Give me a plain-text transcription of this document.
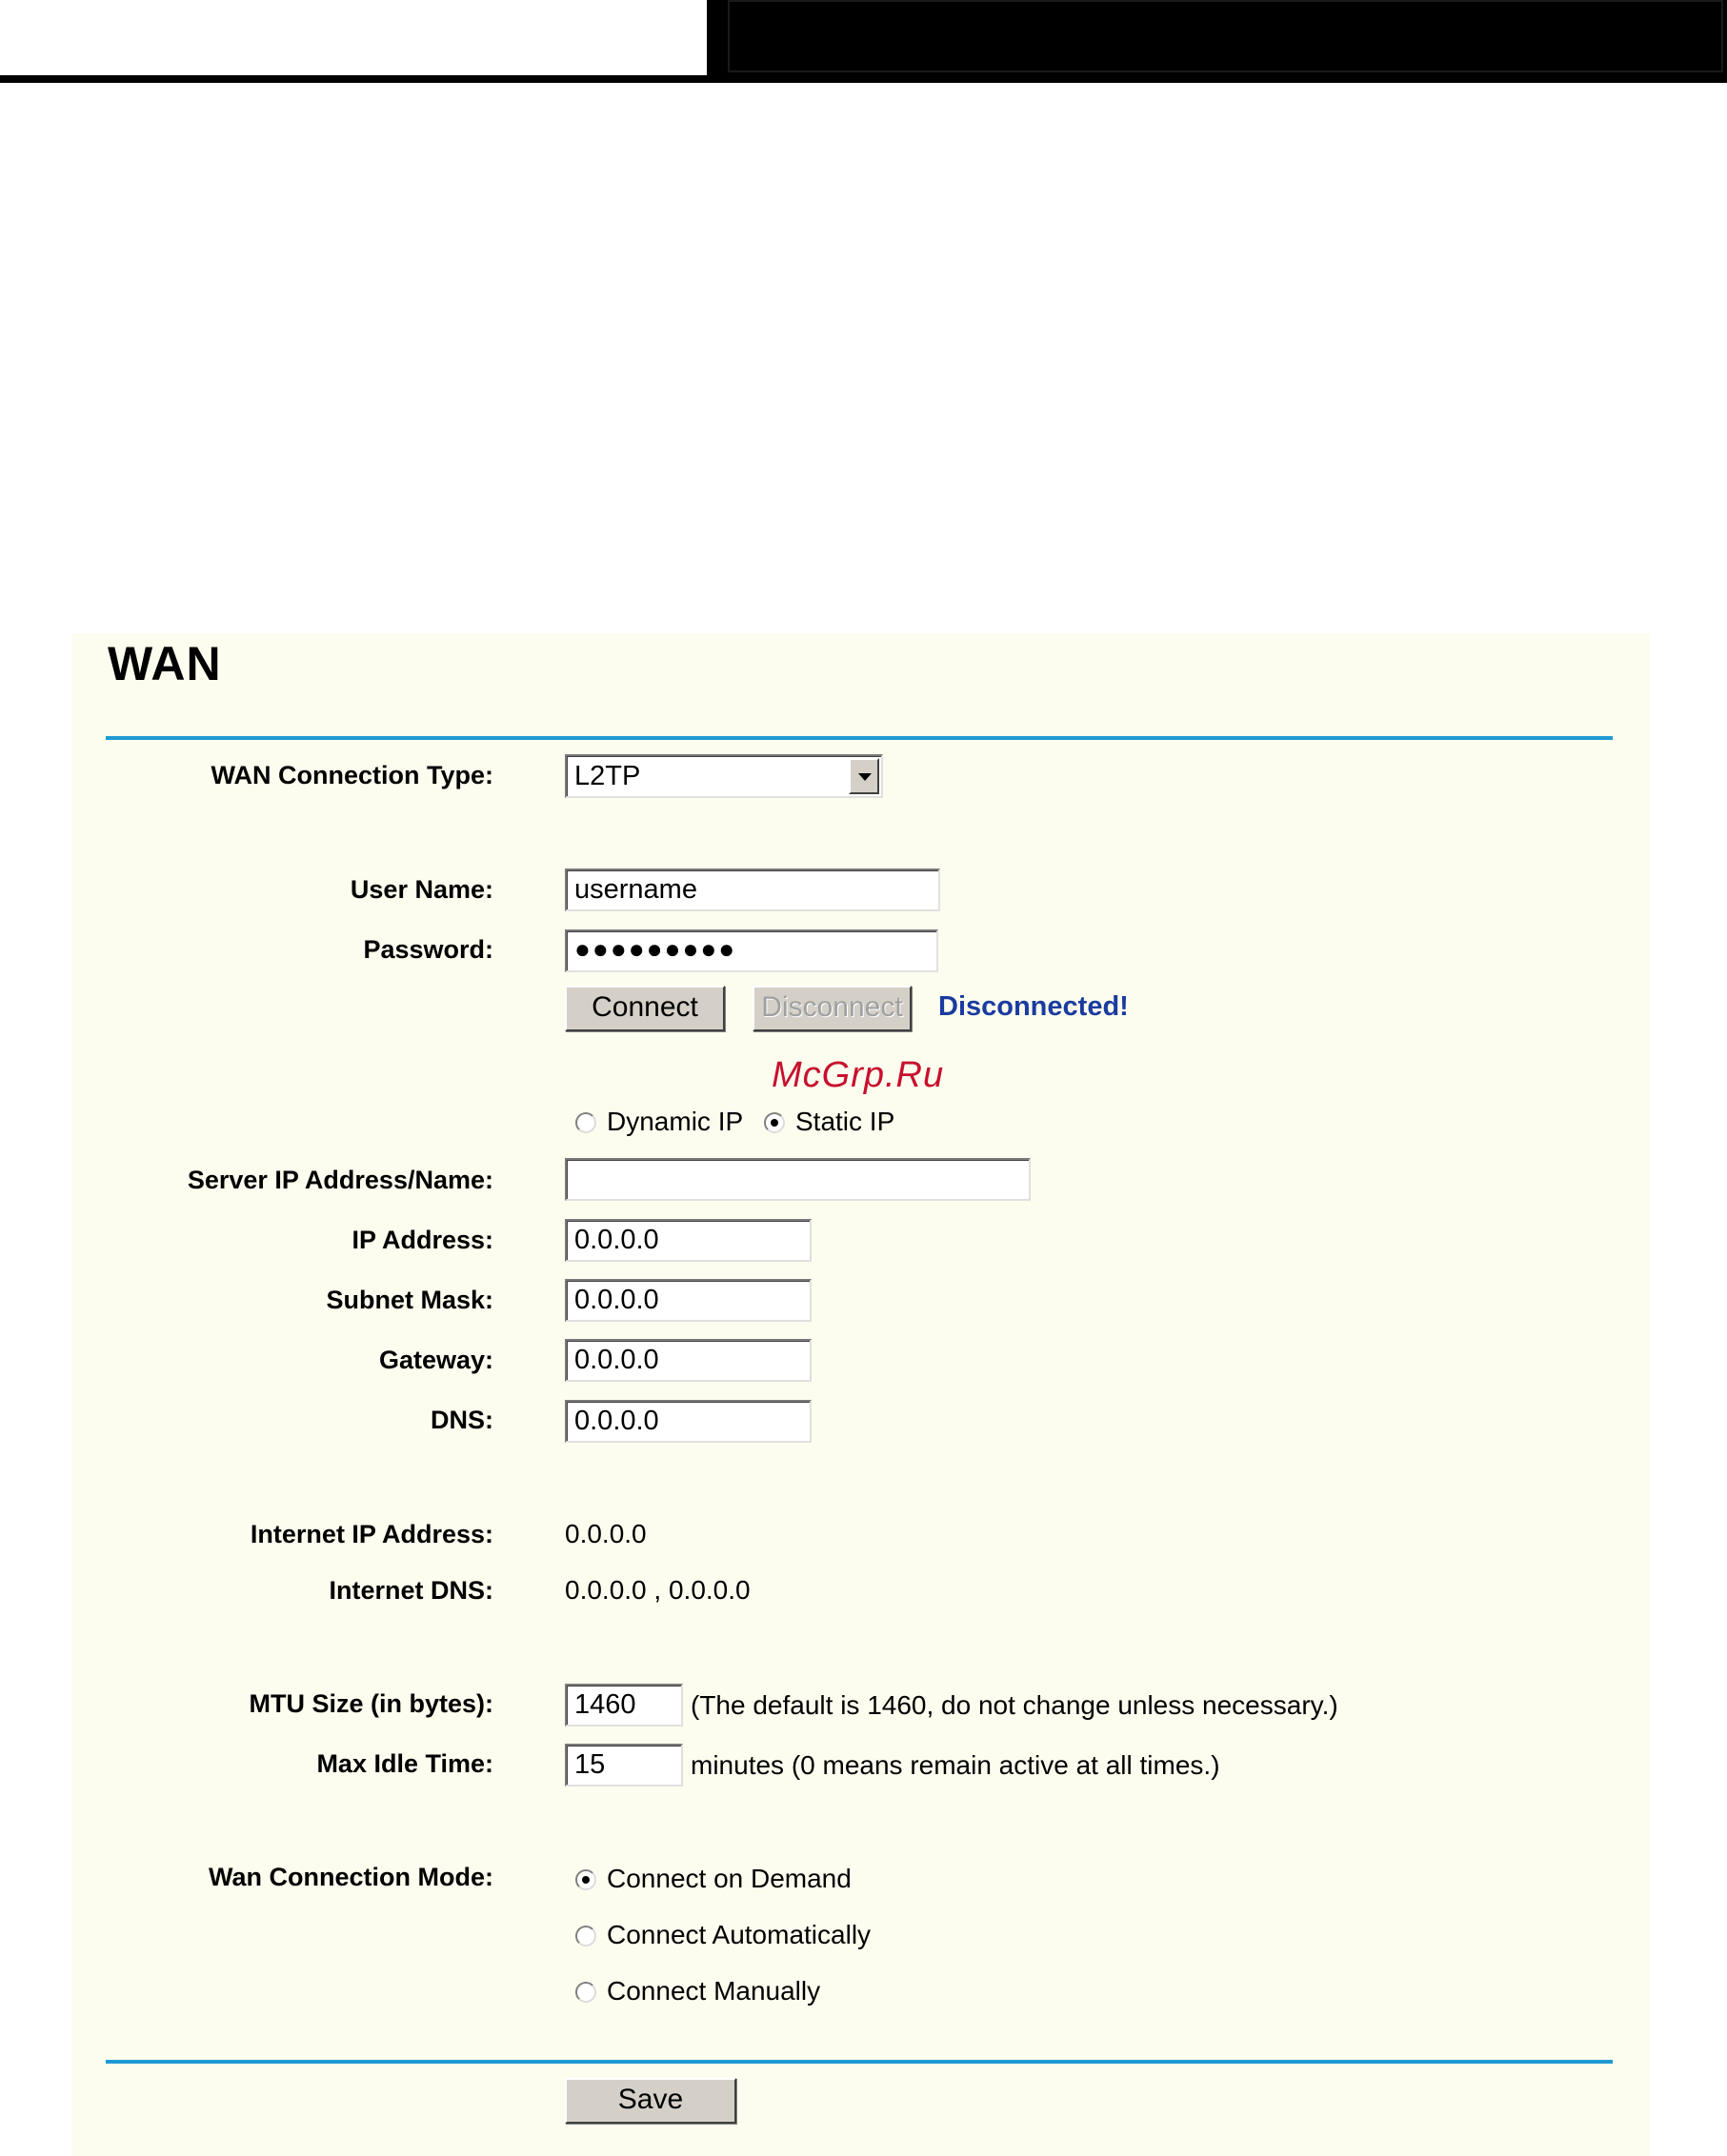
WAN
WAN Connection Type:	L2TP
User Name:
username
Password:	●●●●●●●●●
Connect	Disconnect	Disconnected!
McGrp.Ru
Dynamic IP Static IP
Server IP Address/Name:
IP Address:
0.0.0.0
Subnet Mask:
0.0.0.0
Gateway:
0.0.0.0
DNS:
0.0.0.0
Internet IP Address:	0.0.0.0
Internet DNS:	0.0.0.0 , 0.0.0.0
MTU Size (in bytes):
1460	(The default is 1460, do not change unless necessary.)
Max Idle Time:
15	minutes (0 means remain active at all times.)
Wan Connection Mode:	Connect on Demand
Connect Automatically
Connect Manually
Save
